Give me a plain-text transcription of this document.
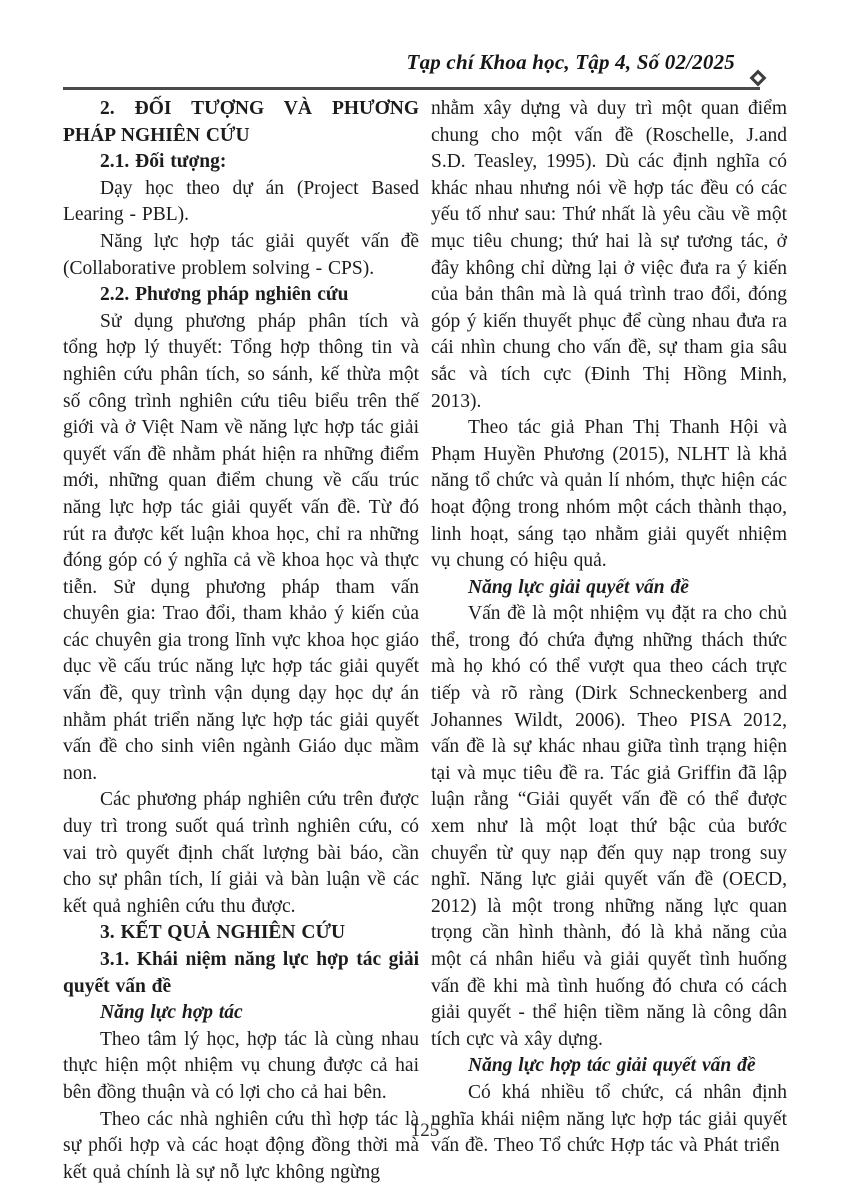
Tạp chí Khoa học, Tập 4, Số 02/2025

2. ĐỐI TƯỢNG VÀ PHƯƠNG PHÁP NGHIÊN CỨU

2.1. Đối tượng:

Dạy học theo dự án (Project Based Learing - PBL).

Năng lực hợp tác giải quyết vấn đề (Collaborative problem solving - CPS).

2.2. Phương pháp nghiên cứu

Sử dụng phương pháp phân tích và tổng hợp lý thuyết: Tổng hợp thông tin và nghiên cứu phân tích, so sánh, kế thừa một số công trình nghiên cứu tiêu biểu trên thế giới và ở Việt Nam về năng lực hợp tác giải quyết vấn đề nhằm phát hiện ra những điểm mới, những quan điểm chung về cấu trúc năng lực hợp tác giải quyết vấn đề. Từ đó rút ra được kết luận khoa học, chỉ ra những đóng góp có ý nghĩa cả về khoa học và thực tiễn. Sử dụng phương pháp tham vấn chuyên gia: Trao đổi, tham khảo ý kiến của các chuyên gia trong lĩnh vực khoa học giáo dục về cấu trúc năng lực hợp tác giải quyết vấn đề, quy trình vận dụng dạy học dự án nhằm phát triển năng lực hợp tác giải quyết vấn đề cho sinh viên ngành Giáo dục mầm non.

Các phương pháp nghiên cứu trên được duy trì trong suốt quá trình nghiên cứu, có vai trò quyết định chất lượng bài báo, cần cho sự phân tích, lí giải và bàn luận về các kết quả nghiên cứu thu được.

3. KẾT QUẢ NGHIÊN CỨU

3.1. Khái niệm năng lực hợp tác giải quyết vấn đề

Năng lực hợp tác

Theo tâm lý học, hợp tác là cùng nhau thực hiện một nhiệm vụ chung được cả hai bên đồng thuận và có lợi cho cả hai bên.

Theo các nhà nghiên cứu thì hợp tác là sự phối hợp và các hoạt động đồng thời mà kết quả chính là sự nỗ lực không ngừng

nhằm xây dựng và duy trì một quan điểm chung cho một vấn đề (Roschelle, J.and S.D. Teasley, 1995). Dù các định nghĩa có khác nhau nhưng nói về hợp tác đều có các yếu tố như sau: Thứ nhất là yêu cầu về một mục tiêu chung; thứ hai là sự tương tác, ở đây không chỉ dừng lại ở việc đưa ra ý kiến của bản thân mà là quá trình trao đổi, đóng góp ý kiến thuyết phục để cùng nhau đưa ra cái nhìn chung cho vấn đề, sự tham gia sâu sắc và tích cực (Đinh Thị Hồng Minh, 2013).

Theo tác giả Phan Thị Thanh Hội và Phạm Huyền Phương (2015), NLHT là khả năng tổ chức và quản lí nhóm, thực hiện các hoạt động trong nhóm một cách thành thạo, linh hoạt, sáng tạo nhằm giải quyết nhiệm vụ chung có hiệu quả.

Năng lực giải quyết vấn đề

Vấn đề là một nhiệm vụ đặt ra cho chủ thể, trong đó chứa đựng những thách thức mà họ khó có thể vượt qua theo cách trực tiếp và rõ ràng (Dirk Schneckenberg and Johannes Wildt, 2006). Theo PISA 2012, vấn đề là sự khác nhau giữa tình trạng hiện tại và mục tiêu đề ra. Tác giả Griffin đã lập luận rằng “Giải quyết vấn đề có thể được xem như là một loạt thứ bậc của bước chuyển từ quy nạp đến quy nạp trong suy nghĩ. Năng lực giải quyết vấn đề (OECD, 2012) là một trong những năng lực quan trọng cần hình thành, đó là khả năng của một cá nhân hiểu và giải quyết tình huống vấn đề khi mà tình huống đó chưa có cách giải quyết - thể hiện tiềm năng là công dân tích cực và xây dựng.

Năng lực hợp tác giải quyết vấn đề

Có khá nhiều tổ chức, cá nhân định nghĩa khái niệm năng lực hợp tác giải quyết vấn đề. Theo Tổ chức Hợp tác và Phát triển

125
